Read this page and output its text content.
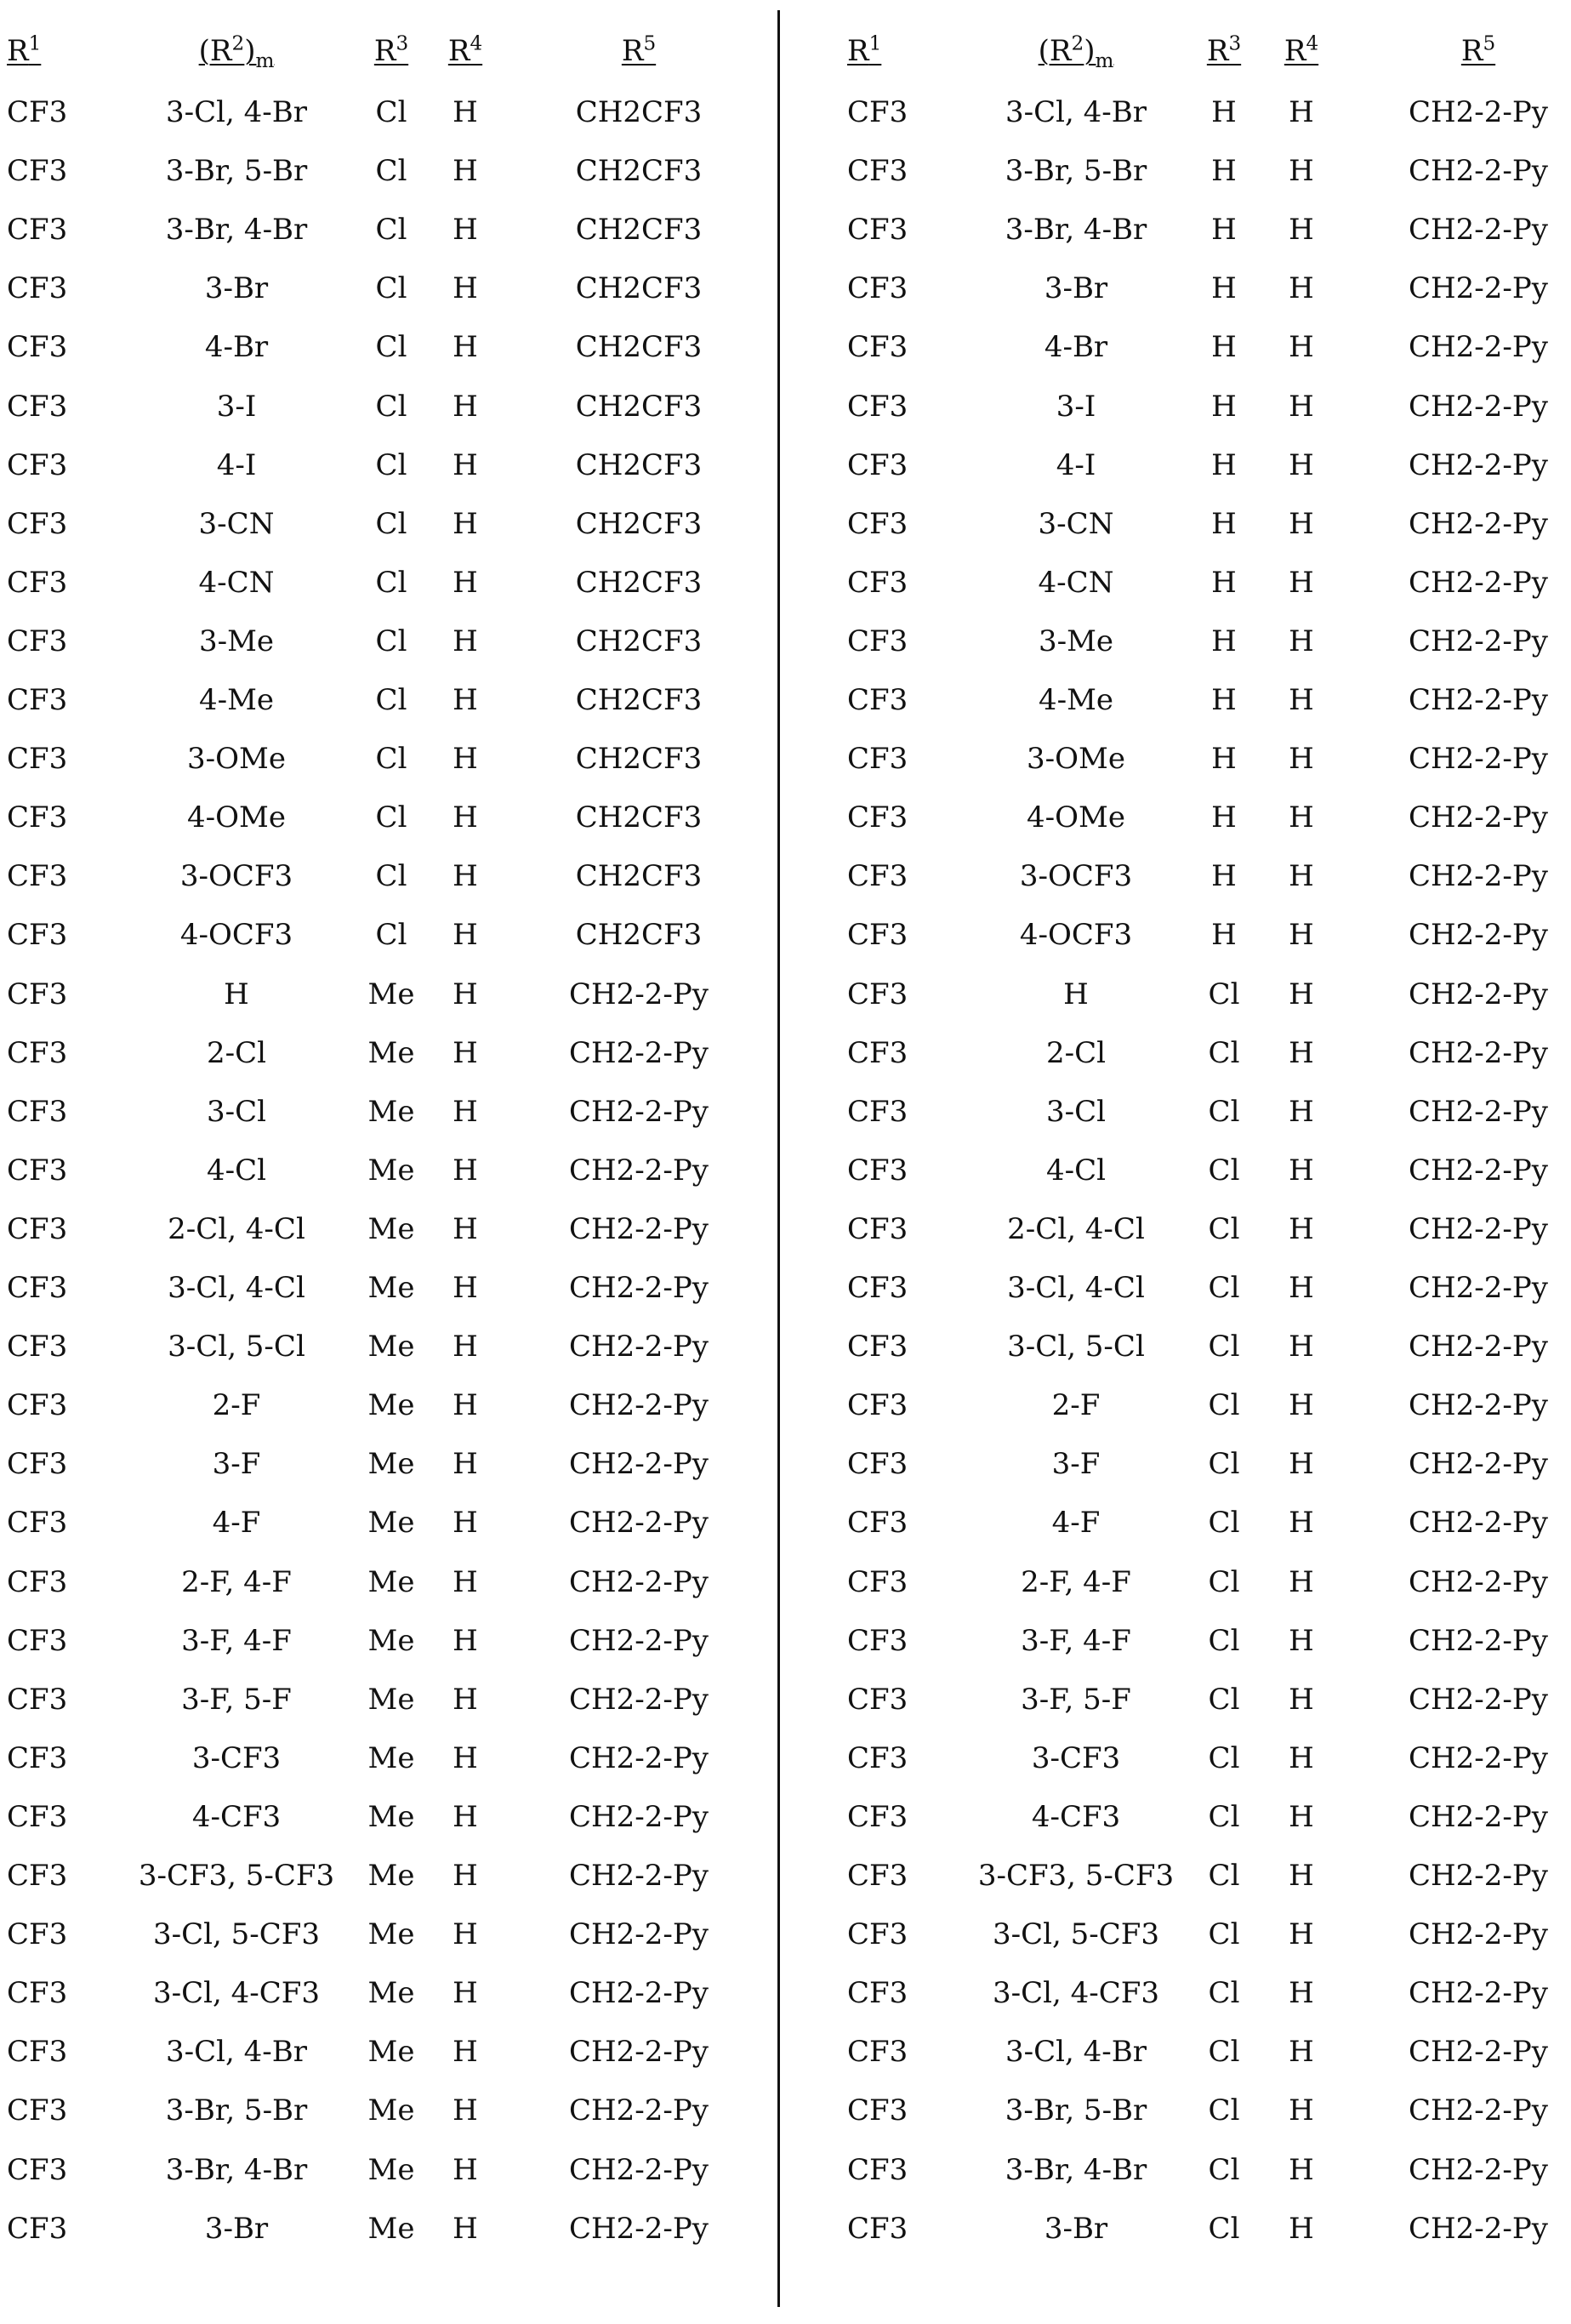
R1	(R2)m	R3 R4	R5
CF3	3-Cl, 4-Br Cl H	CH2CF3
CF3	3-Br, 5-Br Cl H	CH2CF3
CF3	3-Br, 4-Br Cl H	CH2CF3
CF3	3-Br	Cl H	CH2CF3
CF3	4-Br	Cl H	CH2CF3
CF3	3-I	Cl H	CH2CF3
CF3	4-I	Cl H	CH2CF3
CF3	3-CN	Cl H	CH2CF3
CF3	4-CN	Cl H	CH2CF3
CF3	3-Me	Cl H	CH2CF3
CF3	4-Me	Cl H	CH2CF3
CF3	3-OMe	Cl H	CH2CF3
CF3	4-OMe	Cl H	CH2CF3
CF3	3-OCF3	Cl H	CH2CF3
CF3	4-OCF3	Cl H	CH2CF3
CF3	H	Me H	CH2-2-Py
CF3	2-Cl	Me H	CH2-2-Py
CF3	3-Cl	Me H	CH2-2-Py
CF3	4-Cl	Me H	CH2-2-Py
CF3	2-Cl, 4-Cl Me H	CH2-2-Py
CF3	3-Cl, 4-Cl Me H	CH2-2-Py
CF3	3-Cl, 5-Cl Me H	CH2-2-Py
CF3	2-F	Me H	CH2-2-Py
CF3	3-F	Me H	CH2-2-Py
CF3	4-F	Me H	CH2-2-Py
CF3	2-F, 4-F	Me H	CH2-2-Py
CF3	3-F, 4-F	Me H	CH2-2-Py
CF3	3-F, 5-F	Me H	CH2-2-Py
CF3	3-CF3	Me H	CH2-2-Py
CF3	4-CF3	Me H	CH2-2-Py
CF3 3-CF3, 5-CF3 Me H	CH2-2-Py
CF3	3-Cl, 5-CF3 Me H	CH2-2-Py
CF3	3-Cl, 4-CF3 Me H	CH2-2-Py
CF3	3-Cl, 4-Br Me H	CH2-2-Py
CF3	3-Br, 5-Br Me H	CH2-2-Py
CF3	3-Br, 4-Br Me H	CH2-2-Py
CF3	3-Br	Me H	CH2-2-Py
R1	(R2)m	R3 R4	R5
CF3	3-Cl, 4-Br H H	CH2-2-Py
CF3	3-Br, 5-Br H H	CH2-2-Py
CF3	3-Br, 4-Br H H	CH2-2-Py
CF3	3-Br	H H	CH2-2-Py
CF3	4-Br	H H	CH2-2-Py
CF3	3-I	H H	CH2-2-Py
CF3	4-I	H H	CH2-2-Py
CF3	3-CN	H H	CH2-2-Py
CF3	4-CN	H H	CH2-2-Py
CF3	3-Me	H H	CH2-2-Py
CF3	4-Me	H H	CH2-2-Py
CF3	3-OMe	H H	CH2-2-Py
CF3	4-OMe	H H	CH2-2-Py
CF3	3-OCF3	H H	CH2-2-Py
CF3	4-OCF3	H H	CH2-2-Py
CF3	H	Cl H	CH2-2-Py
CF3	2-Cl	Cl H	CH2-2-Py
CF3	3-Cl	Cl H	CH2-2-Py
CF3	4-Cl	Cl H	CH2-2-Py
CF3	2-Cl, 4-Cl Cl H	CH2-2-Py
CF3	3-Cl, 4-Cl Cl H	CH2-2-Py
CF3	3-Cl, 5-Cl Cl H	CH2-2-Py
CF3	2-F	Cl H	CH2-2-Py
CF3	3-F	Cl H	CH2-2-Py
CF3	4-F	Cl H	CH2-2-Py
CF3	2-F, 4-F	Cl H	CH2-2-Py
CF3	3-F, 4-F	Cl H	CH2-2-Py
CF3	3-F, 5-F	Cl H	CH2-2-Py
CF3	3-CF3	Cl H	CH2-2-Py
CF3	4-CF3	Cl H	CH2-2-Py
CF3 3-CF3, 5-CF3 Cl H	CH2-2-Py
CF3	3-Cl, 5-CF3 Cl H	CH2-2-Py
CF3	3-Cl, 4-CF3 Cl H	CH2-2-Py
CF3	3-Cl, 4-Br Cl H	CH2-2-Py
CF3	3-Br, 5-Br Cl H	CH2-2-Py
CF3	3-Br, 4-Br Cl H	CH2-2-Py
CF3	3-Br	Cl H	CH2-2-Py
